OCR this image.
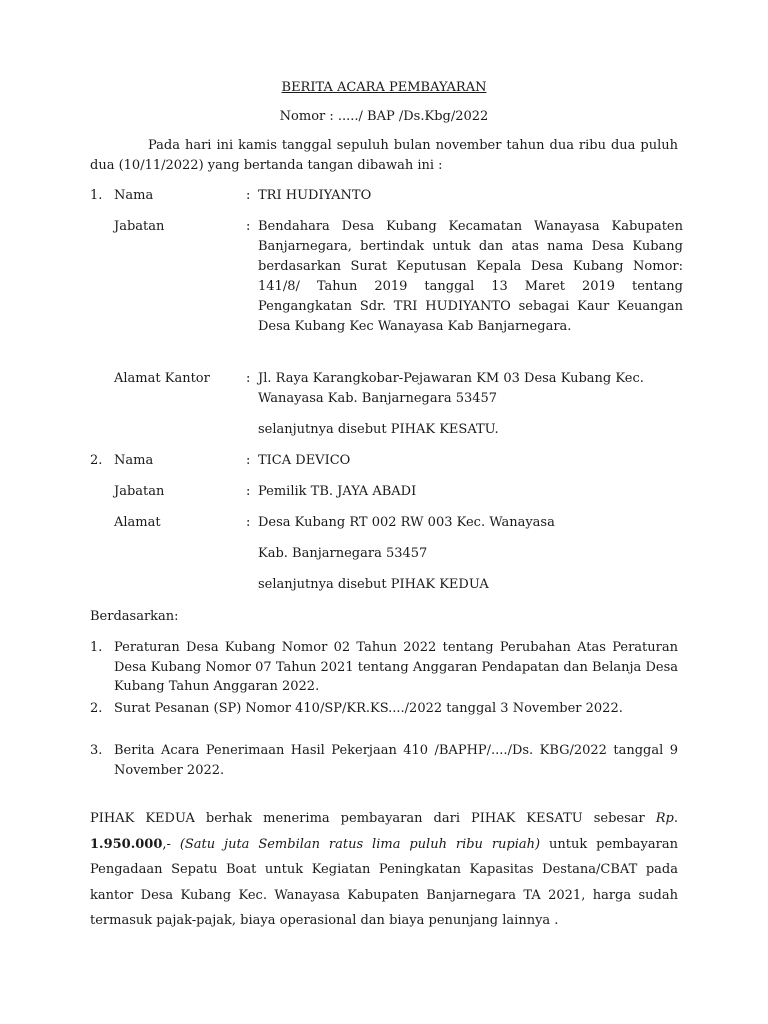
BERITA ACARA PEMBAYARAN
Nomor : ...../ BAP /Ds.Kbg/2022
Pada hari ini kamis tanggal sepuluh bulan november tahun dua ribu dua puluh dua (10/11/2022) yang bertanda tangan dibawah ini :
1. Nama	: TRI HUDIYANTO
Jabatan	: Bendahara Desa Kubang Kecamatan Wanayasa Kabupaten Banjarnegara, bertindak untuk dan atas nama Desa Kubang berdasarkan Surat Keputusan Kepala Desa Kubang Nomor: 141/8/ Tahun 2019 tanggal 13 Maret 2019 tentang Pengangkatan Sdr. TRI HUDIYANTO sebagai Kaur Keuangan Desa Kubang Kec Wanayasa Kab Banjarnegara.
Alamat Kantor	: Jl. Raya Karangkobar-Pejawaran KM 03 Desa Kubang Kec. Wanayasa Kab. Banjarnegara 53457
selanjutnya disebut PIHAK KESATU.
2. Nama	: TICA DEVICO
Jabatan	: Pemilik TB. JAYA ABADI
Alamat	: Desa Kubang RT 002 RW 003 Kec. Wanayasa
Kab. Banjarnegara 53457
selanjutnya disebut PIHAK KEDUA
Berdasarkan:
1. Peraturan Desa Kubang Nomor 02 Tahun 2022 tentang Perubahan Atas Peraturan Desa Kubang Nomor 07 Tahun 2021 tentang Anggaran Pendapatan dan Belanja Desa Kubang Tahun Anggaran 2022.
2. Surat Pesanan (SP) Nomor 410/SP/KR.KS..../2022 tanggal 3 November 2022.
3. Berita Acara Penerimaan Hasil Pekerjaan 410 /BAPHP/..../Ds. KBG/2022 tanggal 9 November 2022.
PIHAK KEDUA berhak menerima pembayaran dari PIHAK KESATU sebesar Rp. 1.950.000,- (Satu juta Sembilan ratus lima puluh ribu rupiah) untuk pembayaran Pengadaan Sepatu Boat untuk Kegiatan Peningkatan Kapasitas Destana/CBAT pada kantor Desa Kubang Kec. Wanayasa Kabupaten Banjarnegara TA 2021, harga sudah termasuk pajak-pajak, biaya operasional dan biaya penunjang lainnya .
